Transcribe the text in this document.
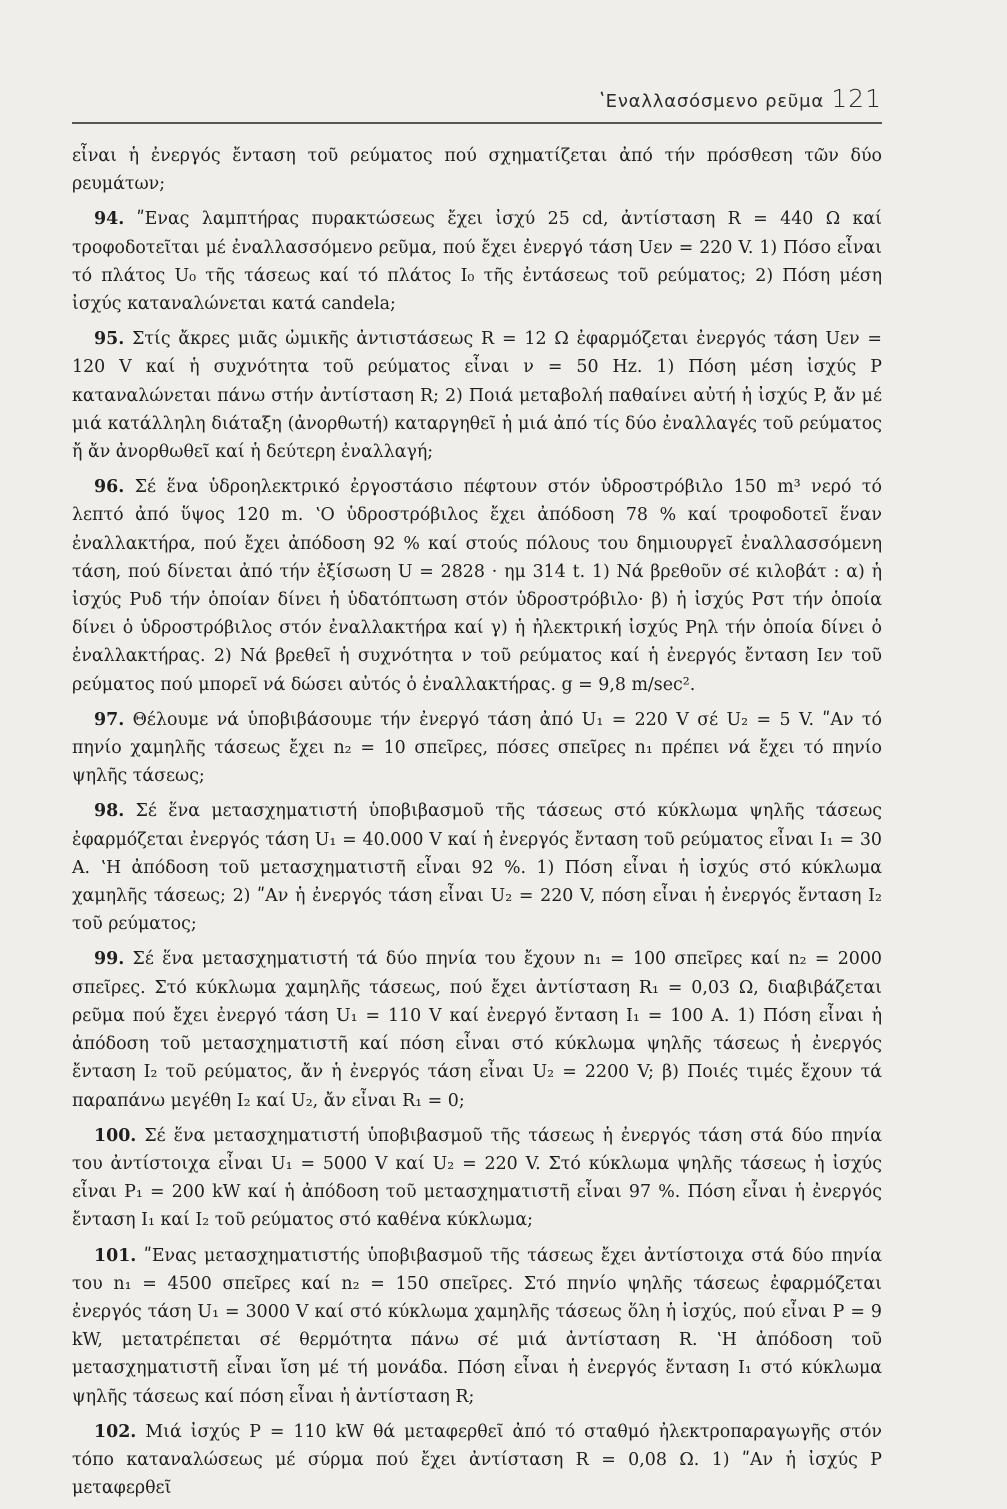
ʽΕναλλασόσμενο ρεῦμα 121

εἶναι ἡ ἐνεργός ἔνταση τοῦ ρεύματος πού σχηματίζεται ἀπό τήν πρόσθεση τῶν δύο ρευμάτων;

94. ʺΕνας λαμπτήρας πυρακτώσεως ἔχει ἰσχύ 25 cd, ἀντίσταση R = 440 Ω καί τροφοδοτεῖται μέ ἐναλλασσόμενο ρεῦμα, πού ἔχει ἐνεργό τάση Uεν = 220 V. 1) Πόσο εἶναι τό πλάτος U₀ τῆς τάσεως καί τό πλάτος I₀ τῆς ἐντάσεως τοῦ ρεύματος; 2) Πόση μέση ἰσχύς καταναλώνεται κατά candela;

95. Στίς ἄκρες μιᾶς ὠμικῆς ἀντιστάσεως R = 12 Ω ἐφαρμόζεται ἐνεργός τάση Uεν = 120 V καί ἡ συχνότητα τοῦ ρεύματος εἶναι ν = 50 Hz. 1) Πόση μέση ἰσχύς P καταναλώνεται πάνω στήν ἀντίσταση R; 2) Ποιά μεταβολή παθαίνει αὐτή ἡ ἰσχύς P, ἄν μέ μιά κατάλληλη διάταξη (ἀνορθωτή) καταργηθεῖ ἡ μιά ἀπό τίς δύο ἐναλλαγές τοῦ ρεύματος ἤ ἄν ἀνορθωθεῖ καί ἡ δεύτερη ἐναλλαγή;

96. Σέ ἕνα ὑδροηλεκτρικό ἐργοστάσιο πέφτουν στόν ὑδροστρόβιλο 150 m³ νερό τό λεπτό ἀπό ὕψος 120 m. ʽΟ ὑδροστρόβιλος ἔχει ἀπόδοση 78 % καί τροφοδοτεῖ ἕναν ἐναλλακτήρα, πού ἔχει ἀπόδοση 92 % καί στούς πόλους του δημιουργεῖ ἐναλλασσόμενη τάση, πού δίνεται ἀπό τήν ἐξίσωση U = 2828 · ημ 314 t. 1) Νά βρεθοῦν σέ κιλοβάτ : α) ἡ ἰσχύς Pυδ τήν ὁποίαν δίνει ἡ ὑδατόπτωση στόν ὑδροστρόβιλο· β) ἡ ἰσχύς Pστ τήν ὁποία δίνει ὁ ὑδροστρόβιλος στόν ἐναλλακτήρα καί γ) ἡ ἠλεκτρική ἰσχύς Pηλ τήν ὁποία δίνει ὁ ἐναλλακτήρας. 2) Νά βρεθεῖ ἡ συχνότητα ν τοῦ ρεύματος καί ἡ ἐνεργός ἔνταση Iεν τοῦ ρεύματος πού μπορεῖ νά δώσει αὐτός ὁ ἐναλλακτήρας. g = 9,8 m/sec².

97. Θέλουμε νά ὑποβιβάσουμε τήν ἐνεργό τάση ἀπό U₁ = 220 V σέ U₂ = 5 V. ʺΑν τό πηνίο χαμηλῆς τάσεως ἔχει n₂ = 10 σπεῖρες, πόσες σπεῖρες n₁ πρέπει νά ἔχει τό πηνίο ψηλῆς τάσεως;

98. Σέ ἕνα μετασχηματιστή ὑποβιβασμοῦ τῆς τάσεως στό κύκλωμα ψηλῆς τάσεως ἐφαρμόζεται ἐνεργός τάση U₁ = 40.000 V καί ἡ ἐνεργός ἔνταση τοῦ ρεύματος εἶναι I₁ = 30 A. ʽΗ ἀπόδοση τοῦ μετασχηματιστῆ εἶναι 92 %. 1) Πόση εἶναι ἡ ἰσχύς στό κύκλωμα χαμηλῆς τάσεως; 2) ʺΑν ἡ ἐνεργός τάση εἶναι U₂ = 220 V, πόση εἶναι ἡ ἐνεργός ἔνταση I₂ τοῦ ρεύματος;

99. Σέ ἕνα μετασχηματιστή τά δύο πηνία του ἔχουν n₁ = 100 σπεῖρες καί n₂ = 2000 σπεῖρες. Στό κύκλωμα χαμηλῆς τάσεως, πού ἔχει ἀντίσταση R₁ = 0,03 Ω, διαβιβάζεται ρεῦμα πού ἔχει ἐνεργό τάση U₁ = 110 V καί ἐνεργό ἔνταση I₁ = 100 A. 1) Πόση εἶναι ἡ ἀπόδοση τοῦ μετασχηματιστῆ καί πόση εἶναι στό κύκλωμα ψηλῆς τάσεως ἡ ἐνεργός ἔνταση I₂ τοῦ ρεύματος, ἄν ἡ ἐνεργός τάση εἶναι U₂ = 2200 V; β) Ποιές τιμές ἔχουν τά παραπάνω μεγέθη I₂ καί U₂, ἄν εἶναι R₁ = 0;

100. Σέ ἕνα μετασχηματιστή ὑποβιβασμοῦ τῆς τάσεως ἡ ἐνεργός τάση στά δύο πηνία του ἀντίστοιχα εἶναι U₁ = 5000 V καί U₂ = 220 V. Στό κύκλωμα ψηλῆς τάσεως ἡ ἰσχύς εἶναι P₁ = 200 kW καί ἡ ἀπόδοση τοῦ μετασχηματιστῆ εἶναι 97 %. Πόση εἶναι ἡ ἐνεργός ἔνταση I₁ καί I₂ τοῦ ρεύματος στό καθένα κύκλωμα;

101. ʺΕνας μετασχηματιστής ὑποβιβασμοῦ τῆς τάσεως ἔχει ἀντίστοιχα στά δύο πηνία του n₁ = 4500 σπεῖρες καί n₂ = 150 σπεῖρες. Στό πηνίο ψηλῆς τάσεως ἐφαρμόζεται ἐνεργός τάση U₁ = 3000 V καί στό κύκλωμα χαμηλῆς τάσεως ὅλη ἡ ἰσχύς, πού εἶναι P = 9 kW, μετατρέπεται σέ θερμότητα πάνω σέ μιά ἀντίσταση R. ʽΗ ἀπόδοση τοῦ μετασχηματιστῆ εἶναι ἴση μέ τή μονάδα. Πόση εἶναι ἡ ἐνεργός ἔνταση I₁ στό κύκλωμα ψηλῆς τάσεως καί πόση εἶναι ἡ ἀντίσταση R;

102. Μιά ἰσχύς P = 110 kW θά μεταφερθεῖ ἀπό τό σταθμό ἠλεκτροπαραγωγῆς στόν τόπο καταναλώσεως μέ σύρμα πού ἔχει ἀντίσταση R = 0,08 Ω. 1) ʺΑν ἡ ἰσχύς P μεταφερθεῖ
